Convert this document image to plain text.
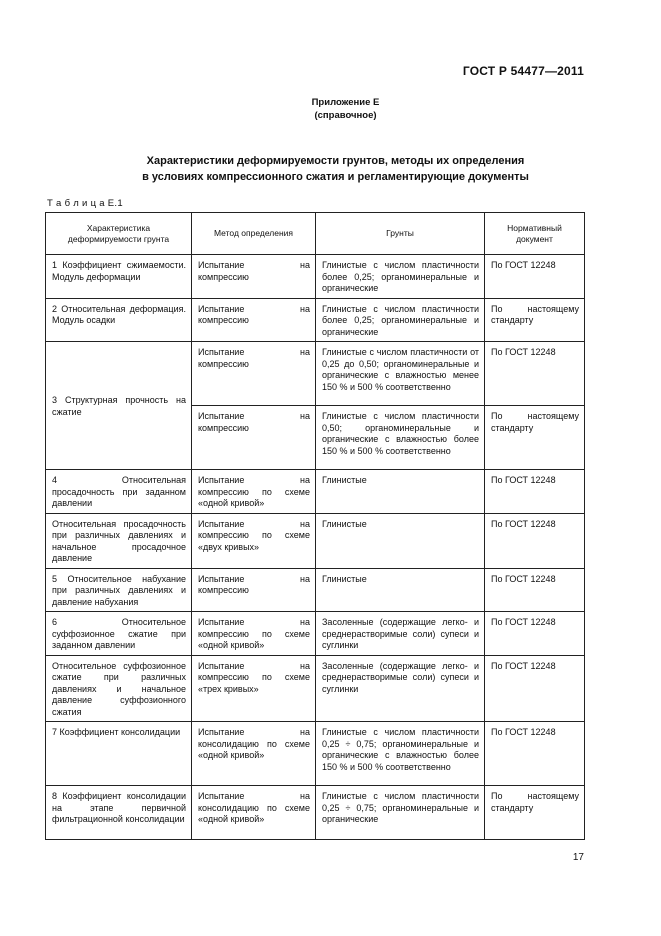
ГОСТ Р 54477—2011
Приложение Е
(справочное)
Характеристики деформируемости грунтов, методы их определения
в условиях компрессионного сжатия и регламентирующие документы
Т а б л и ц а Е.1
Характеристика деформируемости грунта	Метод определения	Грунты	Нормативный документ
1 Коэффициент сжимаемости. Модуль деформации	Испытание на компрессию	Глинистые с числом пластичности более 0,25; органоминеральные и органические	По ГОСТ 12248
2 Относительная деформация. Модуль осадки	Испытание на компрессию	Глинистые с числом пластичности более 0,25; органоминеральные и органические	По настоящему стандарту
3 Структурная прочность на сжатие	Испытание на компрессию	Глинистые с числом пластичности от 0,25 до 0,50; органоминеральные и органические с влажностью менее 150 % и 500 % соответственно	По ГОСТ 12248
	Испытание на компрессию	Глинистые с числом пластичности 0,50; органоминеральные и органические с влажностью более 150 % и 500 % соответственно	По настоящему стандарту
4 Относительная просадочность при заданном давлении	Испытание на компрессию по схеме «одной кривой»	Глинистые	По ГОСТ 12248
Относительная просадочность при различных давлениях и начальное просадочное давление	Испытание на компрессию по схеме «двух кривых»	Глинистые	По ГОСТ 12248
5 Относительное набухание при различных давлениях и давление набухания	Испытание на компрессию	Глинистые	По ГОСТ 12248
6 Относительное суффозионное сжатие при заданном давлении	Испытание на компрессию по схеме «одной кривой»	Засоленные (содержащие легко- и среднерастворимые соли) супеси и суглинки	По ГОСТ 12248
Относительное суффозионное сжатие при различных давлениях и начальное давление суффозионного сжатия	Испытание на компрессию по схеме «трех кривых»	Засоленные (содержащие легко- и среднерастворимые соли) супеси и суглинки	По ГОСТ 12248
7 Коэффициент консолидации	Испытание на консолидацию по схеме «одной кривой»	Глинистые с числом пластичности 0,25 ÷ 0,75; органоминеральные и органические с влажностью более 150 % и 500 % соответственно	По ГОСТ 12248
8 Коэффициент консолидации на этапе первичной фильтрационной консолидации	Испытание на консолидацию по схеме «одной кривой»	Глинистые с числом пластичности 0,25 ÷ 0,75; органоминеральные и органические	По настоящему стандарту
17
